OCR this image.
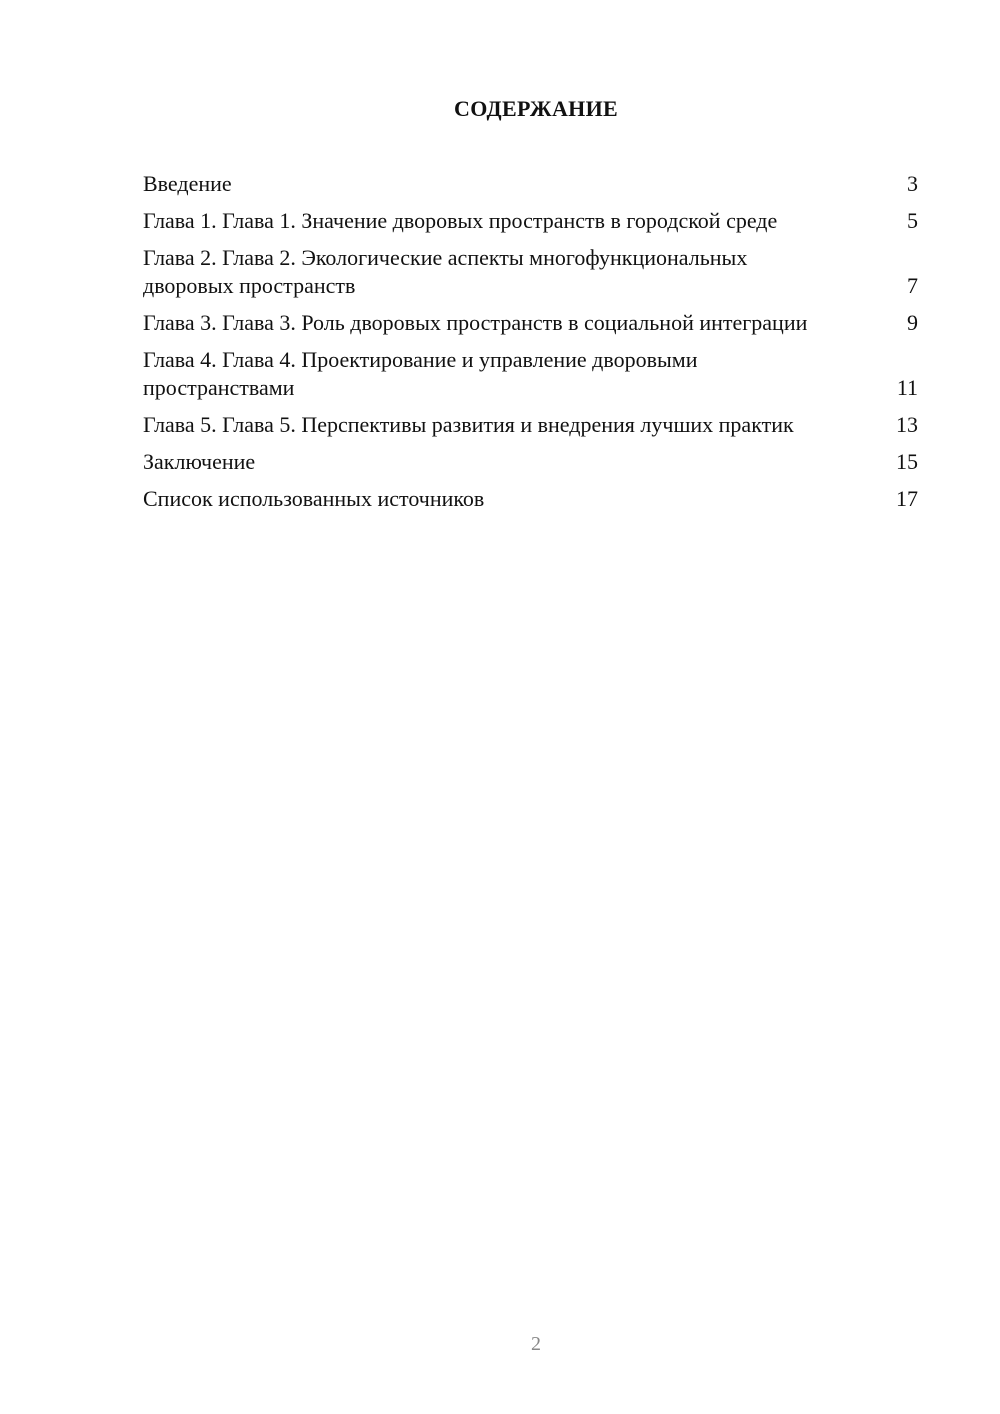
СОДЕРЖАНИЕ
Введение	3
Глава 1. Глава 1. Значение дворовых пространств в городской среде	5
Глава 2. Глава 2. Экологические аспекты многофункциональных дворовых пространств	7
Глава 3. Глава 3. Роль дворовых пространств в социальной интеграции	9
Глава 4. Глава 4. Проектирование и управление дворовыми пространствами	11
Глава 5. Глава 5. Перспективы развития и внедрения лучших практик	13
Заключение	15
Список использованных источников	17
2
